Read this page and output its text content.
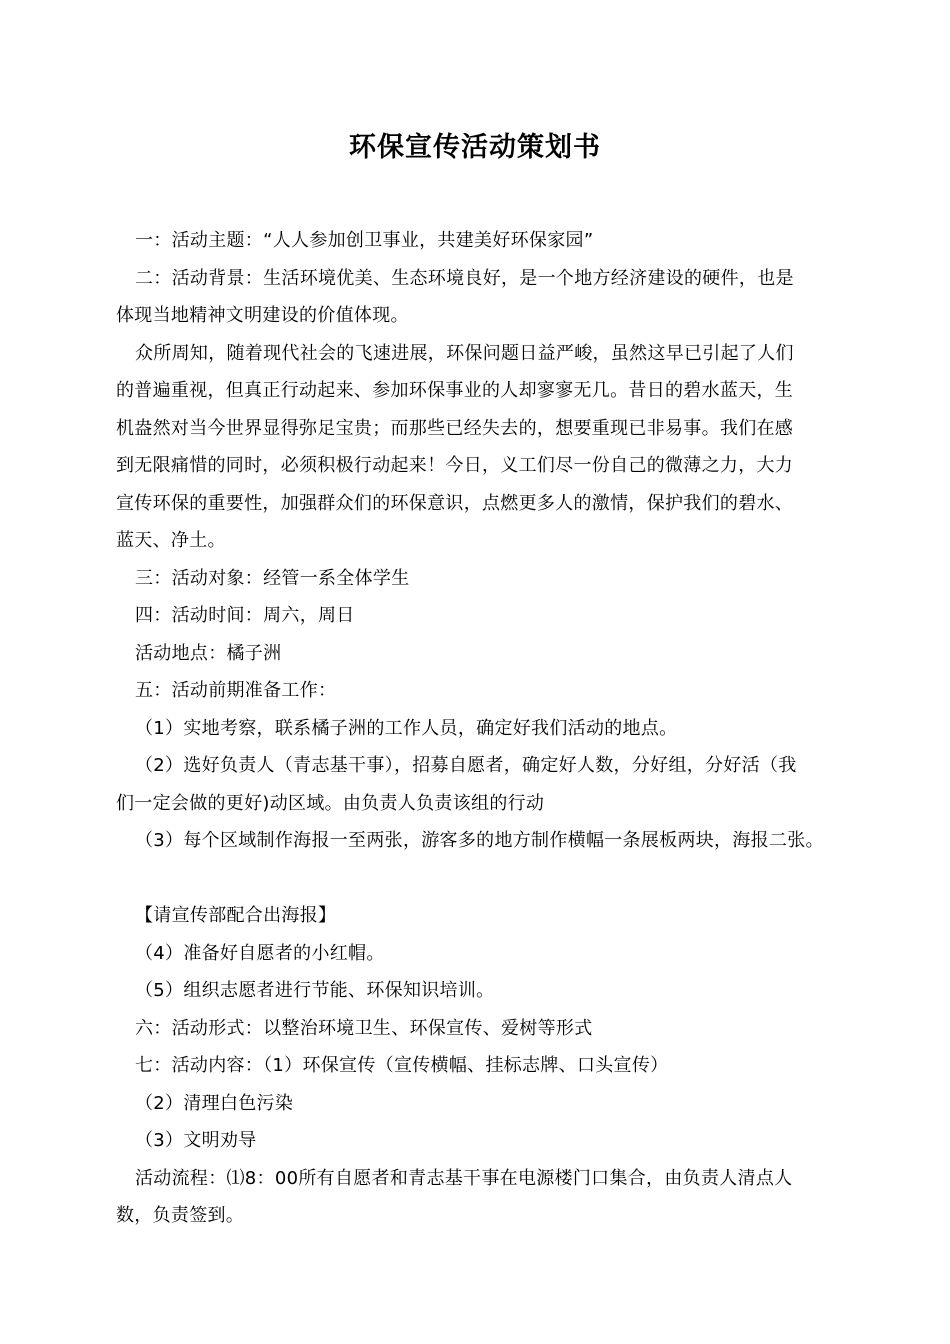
环保宣传活动策划书

一：活动主题：“人人参加创卫事业，共建美好环保家园”

二：活动背景：生活环境优美、生态环境良好，是一个地方经济建设的硬件，也是

体现当地精神文明建设的价值体现。

众所周知，随着现代社会的飞速进展，环保问题日益严峻，虽然这早已引起了人们

的普遍重视，但真正行动起来、参加环保事业的人却寥寥无几。昔日的碧水蓝天，生

机盎然对当今世界显得弥足宝贵；而那些已经失去的，想要重现已非易事。我们在感

到无限痛惜的同时，必须积极行动起来！今日，义工们尽一份自己的微薄之力，大力

宣传环保的重要性，加强群众们的环保意识，点燃更多人的激情，保护我们的碧水、

蓝天、净土。

三：活动对象：经管一系全体学生

四：活动时间：周六，周日

活动地点：橘子洲

五：活动前期准备工作：

（1）实地考察，联系橘子洲的工作人员，确定好我们活动的地点。

（2）选好负责人（青志基干事），招募自愿者，确定好人数，分好组，分好活（我

们一定会做的更好)动区域。由负责人负责该组的行动

（3）每个区域制作海报一至两张，游客多的地方制作横幅一条展板两块，海报二张。

【请宣传部配合出海报】

（4）准备好自愿者的小红帽。

（5）组织志愿者进行节能、环保知识培训。

六：活动形式：以整治环境卫生、环保宣传、爱树等形式

七：活动内容：（1）环保宣传（宣传横幅、挂标志牌、口头宣传）

（2）清理白色污染

（3）文明劝导

活动流程：⑴8：00所有自愿者和青志基干事在电源楼门口集合，由负责人清点人

数，负责签到。
